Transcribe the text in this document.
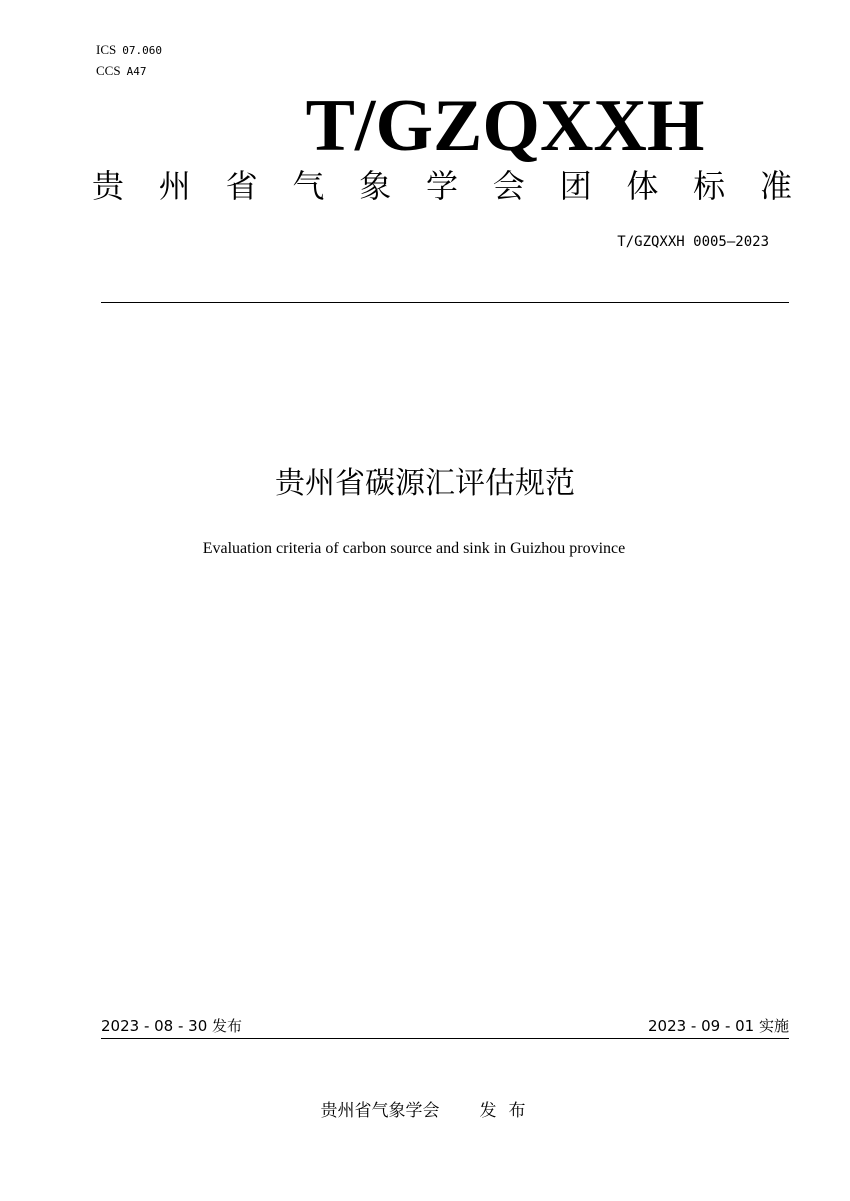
ICS 07.060
CCS A47
T/GZQXXH
贵 州 省 气 象 学 会 团 体 标 准
T/GZQXXH 0005—2023
贵州省碳源汇评估规范
Evaluation criteria of carbon source and sink in Guizhou province
2023 - 08 - 30 发布	2023 - 09 - 01 实施
贵州省气象学会 发布
